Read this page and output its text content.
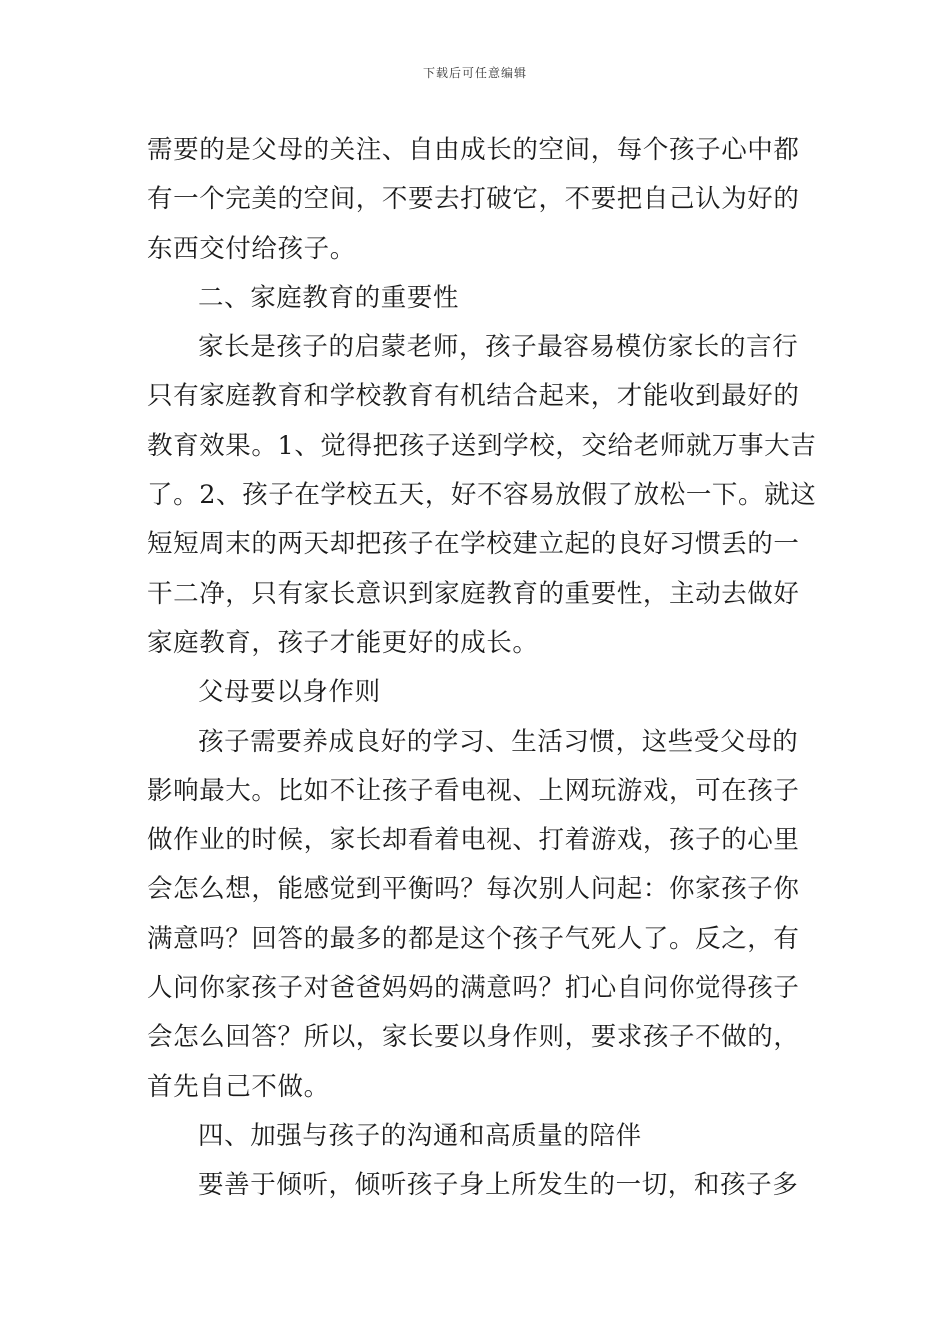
下载后可任意编辑
需要的是父母的关注、自由成长的空间，每个孩子心中都
有一个完美的空间，不要去打破它，不要把自己认为好的
东西交付给孩子。
二、家庭教育的重要性
家长是孩子的启蒙老师，孩子最容易模仿家长的言行
只有家庭教育和学校教育有机结合起来，才能收到最好的
教育效果。1、觉得把孩子送到学校，交给老师就万事大吉
了。2、孩子在学校五天，好不容易放假了放松一下。就这
短短周末的两天却把孩子在学校建立起的良好习惯丢的一
干二净，只有家长意识到家庭教育的重要性，主动去做好
家庭教育，孩子才能更好的成长。
父母要以身作则
孩子需要养成良好的学习、生活习惯，这些受父母的
影响最大。比如不让孩子看电视、上网玩游戏，可在孩子
做作业的时候，家长却看着电视、打着游戏，孩子的心里
会怎么想，能感觉到平衡吗？每次别人问起：你家孩子你
满意吗？回答的最多的都是这个孩子气死人了。反之，有
人问你家孩子对爸爸妈妈的满意吗？扪心自问你觉得孩子
会怎么回答？所以，家长要以身作则，要求孩子不做的，
首先自己不做。
四、加强与孩子的沟通和高质量的陪伴
要善于倾听，倾听孩子身上所发生的一切，和孩子多
